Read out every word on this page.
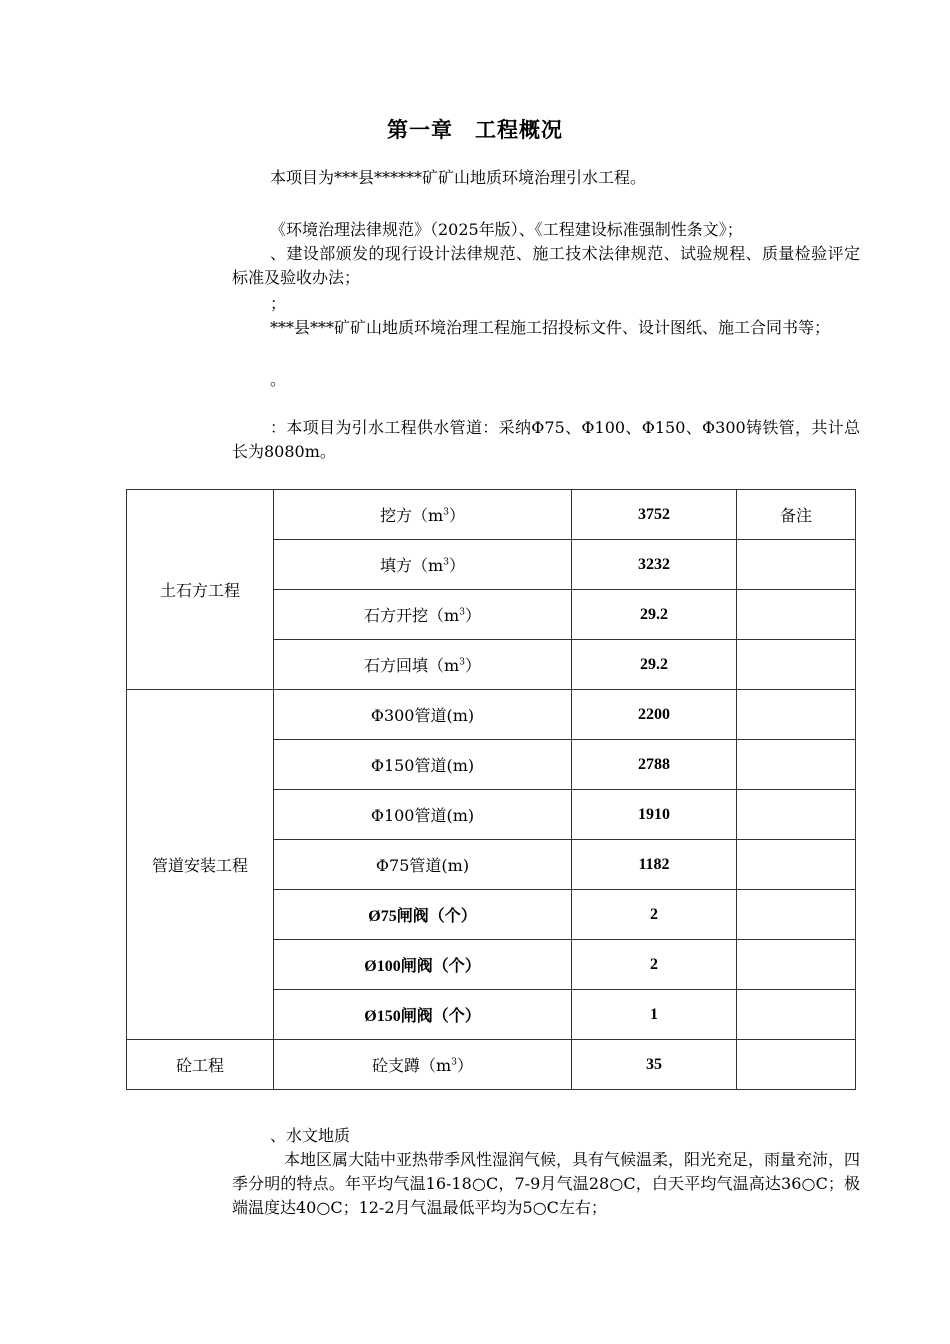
第一章　工程概况
本项目为***县******矿矿山地质环境治理引水工程。
《环境治理法律规范》（2025年版）、《工程建设标准强制性条文》；
、建设部颁发的现行设计法律规范、施工技术法律规范、试验规程、质量检验评定标准及验收办法；
；
***县***矿矿山地质环境治理工程施工招投标文件、设计图纸、施工合同书等；
。
：本项目为引水工程供水管道：采纳Φ75、Φ100、Φ150、Φ300铸铁管，共计总长为8080m。
土石方工程	挖方$(m^3)$	3752	备注
	填方$(m^3)$	3232	
	石方开挖$(m^3)$	29.2	
	石方回填$(m^3)$	29.2	
管道安装工程	Φ300管道(m)	2200	
	Φ150管道(m)	2788	
	Φ100管道(m)	1910	
	Φ75管道(m)	1182	
	Ø75闸阀（个）	2	
	Ø100闸阀（个）	2	
	Ø150闸阀（个）	1	
砼工程	砼支蹲$(m^3)$	35	
、水文地质
本地区属大陆中亚热带季风性湿润气候，具有气候温柔，阳光充足，雨量充沛，四季分明的特点。年平均气温16-18○C，7-9月气温28○C，白天平均气温高达36○C；极端温度达40○C；12-2月气温最低平均为5○C左右；
